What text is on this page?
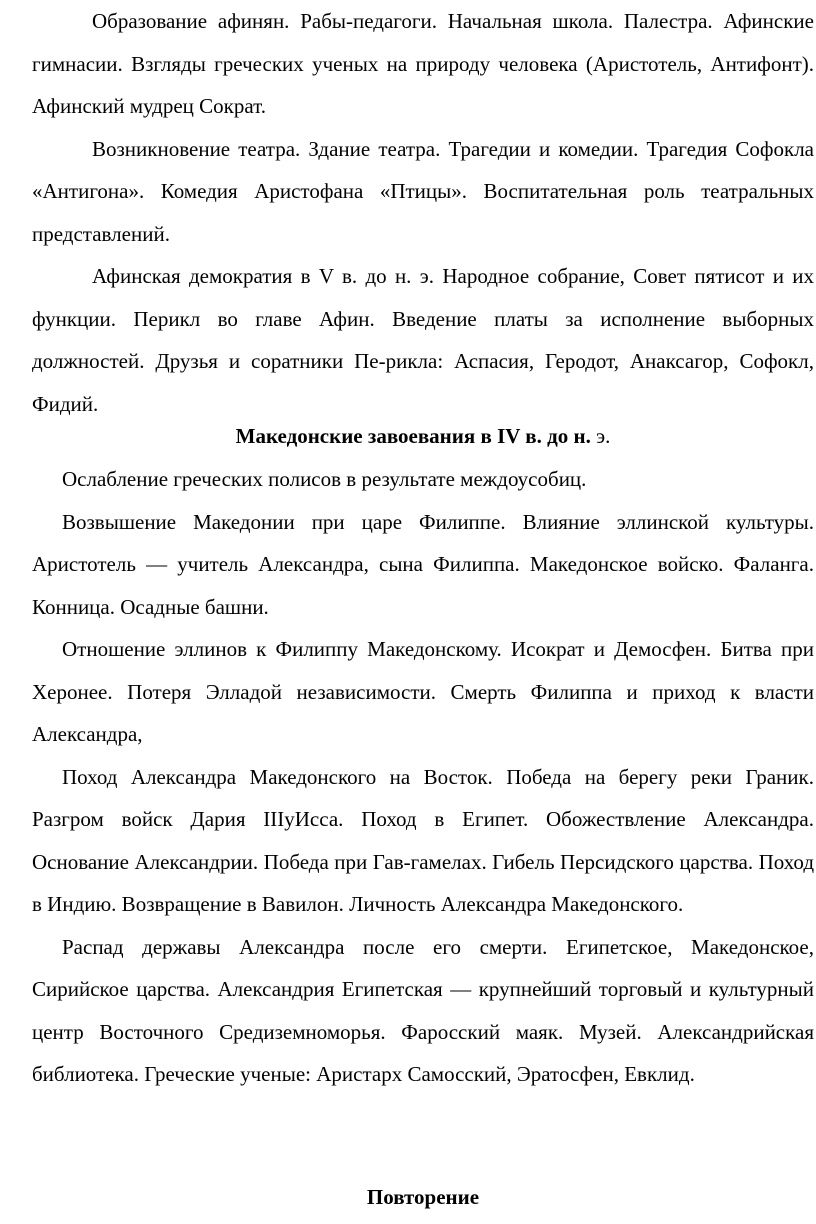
Образование афинян. Рабы-педагоги. Начальная школа. Палестра. Афинские гимнасии. Взгляды греческих ученых на природу человека (Аристотель, Антифонт). Афинский мудрец Сократ.

Возникновение театра. Здание театра. Трагедии и комедии. Трагедия Софокла «Антигона». Комедия Аристофана «Птицы». Воспитательная роль театральных представлений.

Афинская демократия в V в. до н. э. Народное собрание, Совет пятисот и их функции. Перикл во главе Афин. Введение платы за исполнение выборных должностей. Друзья и соратники Пе-рикла: Аспасия, Геродот, Анаксагор, Софокл, Фидий.

Македонские завоевания в IV в. до н. э.

Ослабление греческих полисов в результате междоусобиц.

Возвышение Македонии при царе Филиппе. Влияние эллинской культуры. Аристотель — учитель Александра, сына Филиппа. Македонское войско. Фаланга. Конница. Осадные башни.

Отношение эллинов к Филиппу Македонскому. Исократ и Демосфен. Битва при Херонее. Потеря Элладой независимости. Смерть Филиппа и приход к власти Александра,

Поход Александра Македонского на Восток. Победа на берегу реки Граник. Разгром войск Дария IIIуИсса. Поход в Египет. Обожествление Александра. Основание Александрии. Победа при Гав-гамелах. Гибель Персидского царства. Поход в Индию. Возвращение в Вавилон. Личность Александра Македонского.

Распад державы Александра после его смерти. Египетское, Македонское, Сирийское царства. Александрия Египетская — крупнейший торговый и культурный центр Восточного Средиземноморья. Фаросский маяк. Музей. Александрийская библиотека. Греческие ученые: Аристарх Самосский, Эратосфен, Евклид.

Повторение
